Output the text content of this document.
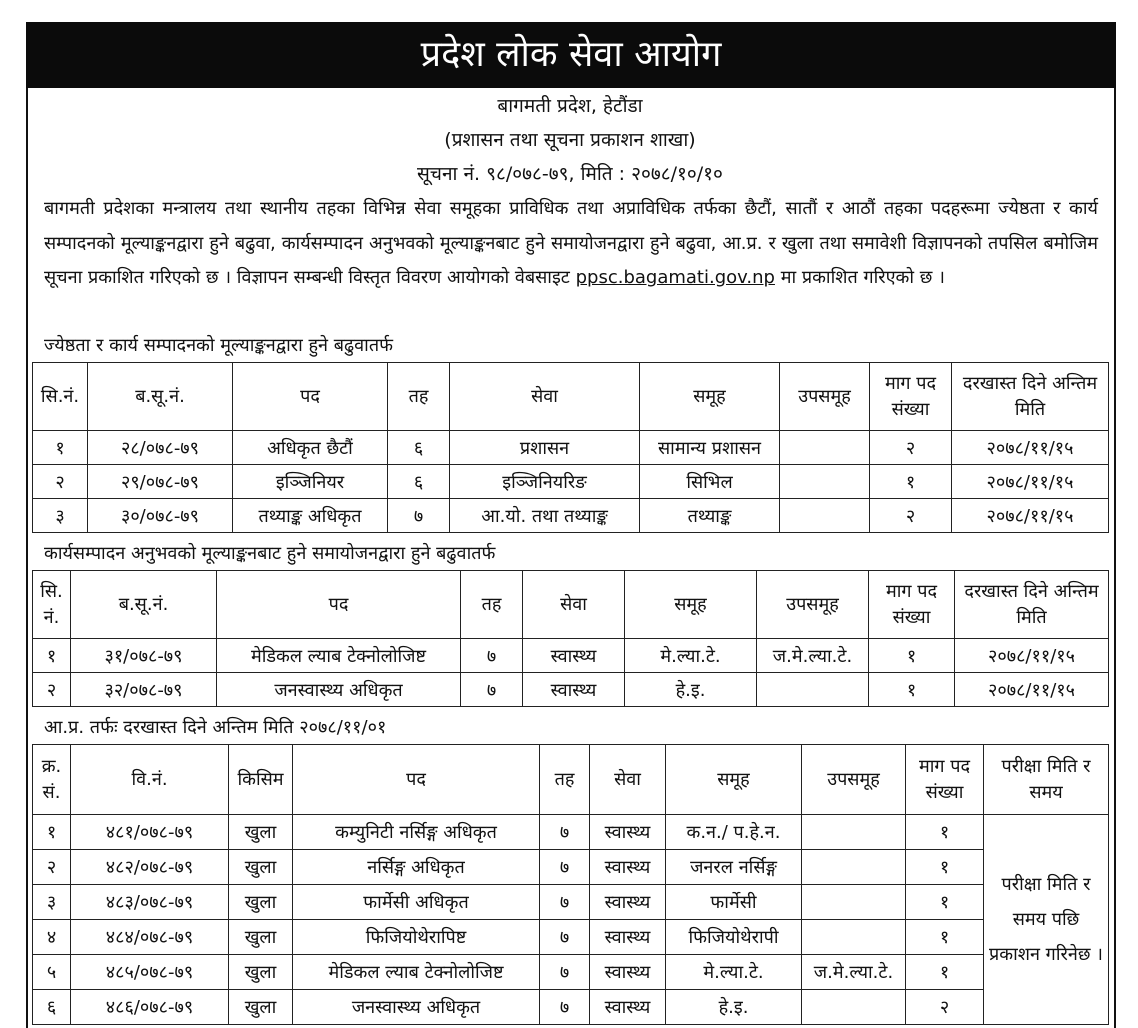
प्रदेश लोक सेवा आयोग
बागमती प्रदेश, हेटौंडा
(प्रशासन तथा सूचना प्रकाशन शाखा)
सूचना नं. ९८/०७८-७९, मिति : २०७८/१०/१०
बागमती प्रदेशका मन्त्रालय तथा स्थानीय तहका विभिन्न सेवा समूहका प्राविधिक तथा अप्राविधिक तर्फका छैटौं, सातौं र आठौं तहका पदहरूमा ज्येष्ठता र कार्य सम्पादनको मूल्याङ्कनद्वारा हुने बढुवा, कार्यसम्पादन अनुभवको मूल्याङ्कनबाट हुने समायोजनद्वारा हुने बढुवा, आ.प्र. र खुला तथा समावेशी विज्ञापनको तपसिल बमोजिम सूचना प्रकाशित गरिएको छ । विज्ञापन सम्बन्धी विस्तृत विवरण आयोगको वेबसाइट ppsc.bagamati.gov.np मा प्रकाशित गरिएको छ ।
ज्येष्ठता र कार्य सम्पादनको मूल्याङ्कनद्वारा हुने बढुवातर्फ
सि.नं.	ब.सू.नं.	पद	तह	सेवा	समूह	उपसमूह	माग पद संख्या	दरखास्त दिने अन्तिम मिति
१	२८/०७८-७९	अधिकृत छैटौं	६	प्रशासन	सामान्य प्रशासन		२	२०७८/११/१५
२	२९/०७८-७९	इञ्जिनियर	६	इञ्जिनियरिङ	सिभिल		१	२०७८/११/१५
३	३०/०७८-७९	तथ्याङ्क अधिकृत	७	आ.यो. तथा तथ्याङ्क	तथ्याङ्क		२	२०७८/११/१५
कार्यसम्पादन अनुभवको मूल्याङ्कनबाट हुने समायोजनद्वारा हुने बढुवातर्फ
सि. नं.	ब.सू.नं.	पद	तह	सेवा	समूह	उपसमूह	माग पद संख्या	दरखास्त दिने अन्तिम मिति
१	३१/०७८-७९	मेडिकल ल्याब टेक्नोलोजिष्ट	७	स्वास्थ्य	मे.ल्या.टे.	ज.मे.ल्या.टे.	१	२०७८/११/१५
२	३२/०७८-७९	जनस्वास्थ्य अधिकृत	७	स्वास्थ्य	हे.इ.		१	२०७८/११/१५
आ.प्र. तर्फः दरखास्त दिने अन्तिम मिति २०७८/११/०१
क्र. सं.	वि.नं.	किसिम	पद	तह	सेवा	समूह	उपसमूह	माग पद संख्या	परीक्षा मिति र समय
१	४८१/०७८-७९	खुला	कम्युनिटी नर्सिङ्ग अधिकृत	७	स्वास्थ्य	क.न./ प.हे.न.		१	परीक्षा मिति र समय पछि प्रकाशन गरिनेछ ।
२	४८२/०७८-७९	खुला	नर्सिङ्ग अधिकृत	७	स्वास्थ्य	जनरल नर्सिङ्ग		१	
३	४८३/०७८-७९	खुला	फार्मेसी अधिकृत	७	स्वास्थ्य	फार्मेसी		१	
४	४८४/०७८-७९	खुला	फिजियोथेरापिष्ट	७	स्वास्थ्य	फिजियोथेरापी		१	
५	४८५/०७८-७९	खुला	मेडिकल ल्याब टेक्नोलोजिष्ट	७	स्वास्थ्य	मे.ल्या.टे.	ज.मे.ल्या.टे.	१	
६	४८६/०७८-७९	खुला	जनस्वास्थ्य अधिकृत	७	स्वास्थ्य	हे.इ.		२	
